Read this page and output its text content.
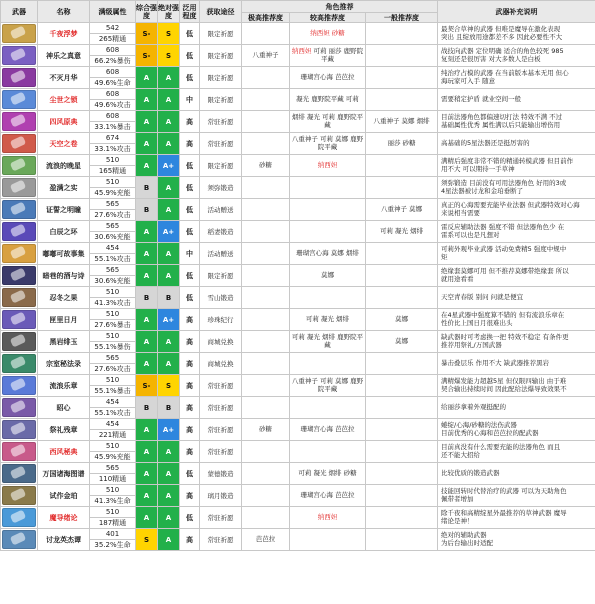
武器	名称	满级属性	综合强度	绝对强度	泛用程度	获取途径	角色推荐			武器补充说明
							极高推荐度	较高推荐度	一般推荐度	

	千夜浮梦	542	S-	S	低	限定祈愿		纳西妲 砂糖		最契合草神的武器 但唯是魔导在激化表现
突出 且绽放用途都差不多 因此必要性不大

		265精通								

	神乐之真意	608	S-	S	低	限定祈愿	八重神子	纳西妲 可莉 丽莎 鹿野院平藏		战技向武器 定位明确 适合的角色较死 985
复刻还是很厉害 对大多数人是白板

		66.2%暴伤								

	不灭月华	608	A	A	低	限定祈愿		珊瑚宫心海 芭芭拉		纯治疗占模的武器 在当前版本基本无用 但心
海玩家可入手 随意

		49.6%生命								

	尘世之锁	608	A	A	中	限定祈愿		凝光 鹿野院平藏 可莉		需要稍定护盾 就业空间一般

		49.6%攻击								

	四风原典	608	A	A	高	常驻祈愿		烟绯 凝光 可莉 鹿野院平藏	八重神子 莫娜 烟绯	目前法器角色都偏速切打法 特效不满 不过
基础属性优秀 属性满以后只能输出增伤用

		33.1%暴击								

	天空之卷	674	A	A	高	常驻祈愿		八重神子 可莉 莫娜 鹿野院平藏	丽莎 砂糖	高基础的5星法器还是挺厉害的

		33.1%攻击								

	流浪的晚星	510	A	A+	低	限定祈愿	砂糖	纳西妲		满精后强度非常不错的精通转模武器 但目前作
用不大 可以期待一手草神

		165精通								

	盈满之实	510	B	A	低	须弥锻造				须弥锻造 目前没有可用法器角色 好用的3或
4星法器被讨龙和金珀垂断了

		45.9%充能								

	证誓之明瞳	565	B	A	低	活动赠送			八重神子 莫娜	真正的心海需要充能毕业法器 但武器特效对心海
来说相当需要

		27.6%攻击								

	白辰之环	565	A	A+	低	稻妻锻造			可莉 凝光 烟绯	雷反应辅助法器 强度不错 但法器角色少 在
雷系可以也是凡想对

		30.6%充能								

	嘟嘟可故事集	454	A	A	中	活动赠送		珊瑚宫心海 莫娜 烟绯		可莉外观毕业武器 活动免费精5 强度中规中
矩

		55.1%攻击								

	暗巷的酒与诗	565	A	A	低	限定祈愿		莫娜		绝缘套莫娜可用 但不推荐莫娜带绝缘套 所以
就用途看看

		30.6%充能								

	忍冬之果	510	B	B	低	雪山锻造				天空青春版 别问 问就是便宜

		41.3%攻击								

	匣里日月	510	A	A+	高	珍珠纪行		可莉 凝光 烟绯	莫娜	在4星武器中强度算不错的 但有流浪乐章在
性价比上国日月很难出头

		27.6%暴击								

	黑岩绯玉	510	A	A	高	商城兑换		可莉 凝光 烟绯 鹿野院平藏	莫娜	缺武器时可考虑换一把 特效不稳定 有条件更
推荐用祭礼/万国武器

		55.1%暴伤								

	宗室秘法录	565	A	A	高	商城兑换				暴击叠层乐 作用不大 缺武器推荐黑岩

		27.6%攻击								

	流浪乐章	510	S-	S	高	常驻祈愿		八重神子 可莉 莫娜 鹿野院平藏		满精爆发能力超越5星 但仅限四输出 由于难
契合输出持续时间 因此配给法爆导致效果不

		55.1%暴击								

	昭心	454	B	B	高	常驻祈愿				给丽莎拿着外观挺配的

		55.1%攻击								

	祭礼残章	454	A	A+	高	常驻祈愿	砂糖	珊瑚宫心海 芭芭拉		蜷绽/心海/砂糖的法伤武器
目前优秀的心海和芭芭拉的配武器

		221精通								

	西风秘典	510	A	A	高	常驻祈愿				目前真没有什么需要充能的法器角色 而且
还不能大招给

		45.9%充能								

	万国诸海图谱	565	A	A	低	蒙德锻造		可莉 凝光 烟绯 砂糖		比较优质的锻造武器

		110精通								

	试作金珀	510	A	A	高	璃月锻造		珊瑚宫心海 芭芭拉		技能回转时代替治疗的武器 可以为天助角色
佩带者增加

		41.3%生命								

	魔导绪论	510	A	A	低	常驻祈愿		纳西妲		除千夜和高精绽星外最推荐的草神武器 魔导
绪论是神！

		187精通								

	讨龙英杰谭	401	S	A	高	常驻祈愿	芭芭拉			绝对的辅助武器
为后台输出时适配

		35.2%生命								
